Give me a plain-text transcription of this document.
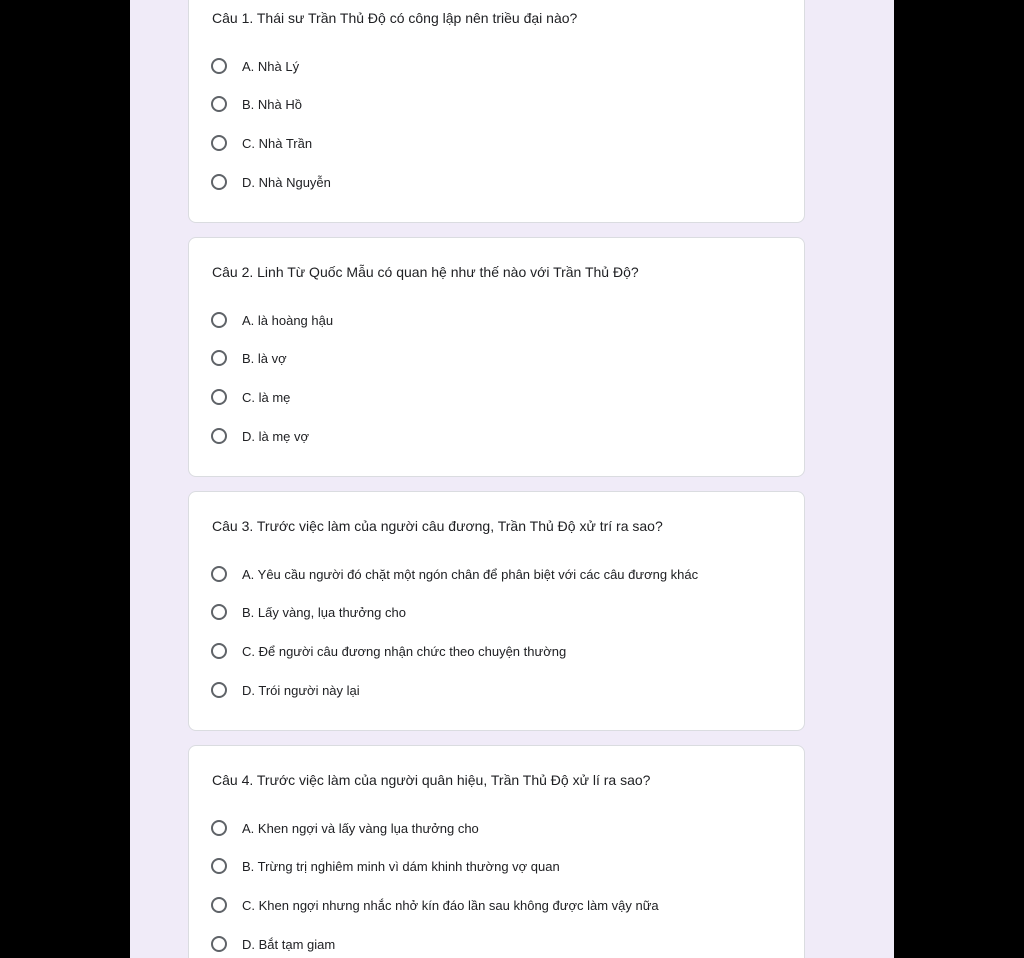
Câu 1. Thái sư Trần Thủ Độ có công lập nên triều đại nào?
A. Nhà Lý
B. Nhà Hồ
C. Nhà Trần
D. Nhà Nguyễn
Câu 2. Linh Từ Quốc Mẫu có quan hệ như thế nào với Trần Thủ Độ?
A. là hoàng hậu
B. là vợ
C. là mẹ
D. là mẹ vợ
Câu 3. Trước việc làm của người câu đương, Trần Thủ Độ xử trí ra sao?
A. Yêu cầu người đó chặt một ngón chân để phân biệt với các câu đương khác
B. Lấy vàng, lụa thưởng cho
C. Để người câu đương nhận chức theo chuyện thường
D. Trói người này lại
Câu 4. Trước việc làm của người quân hiệu, Trần Thủ Độ xử lí ra sao?
A. Khen ngợi và lấy vàng lụa thưởng cho
B. Trừng trị nghiêm minh vì dám khinh thường vợ quan
C. Khen ngợi nhưng nhắc nhở kín đáo lần sau không được làm vậy nữa
D. Bắt tạm giam
